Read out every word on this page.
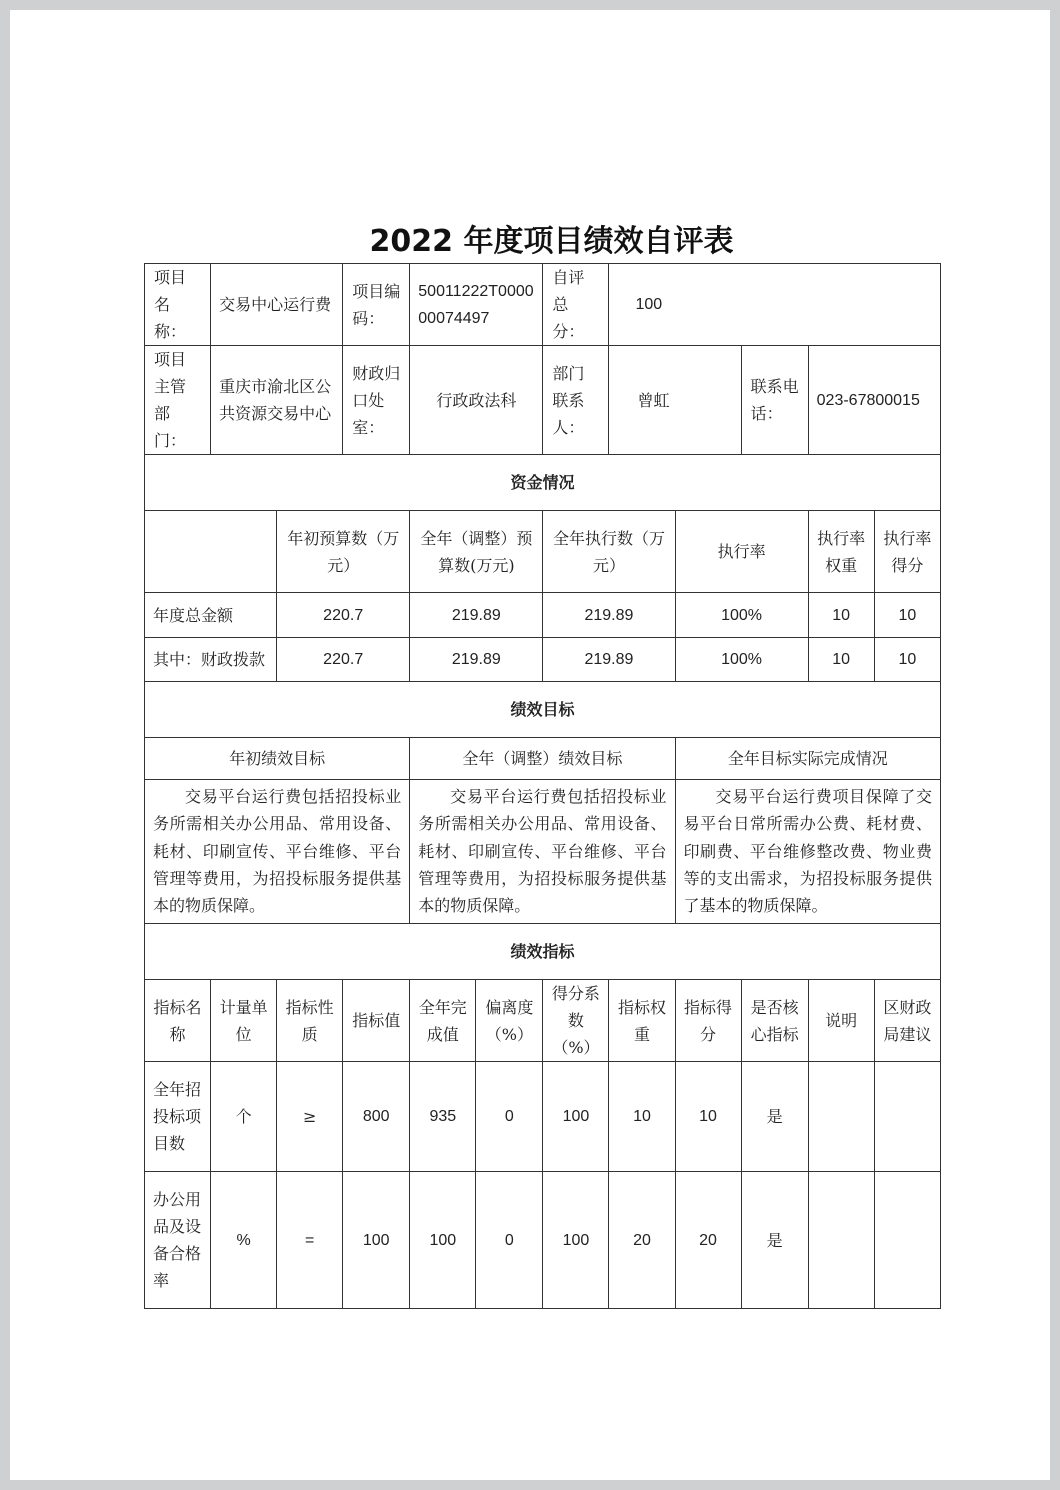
2022 年度项目绩效自评表
项目名称：	交易中心运行费		项目编码：	50011222T000000074497		自评总分：	100				
项目主管部门：	重庆市渝北区公共资源交易中心		财政归口处室：	行政政法科		部门联系人：	曾虹		联系电话：	023-67800015	
资金情况											
		年初预算数（万元）		全年（调整）预算数(万元)		全年执行数（万元）		执行率		执行率权重	执行率得分
年度总金额		220.7		219.89		219.89		100%		10	10
其中：财政拨款		220.7		219.89		219.89		100%		10	10
绩效目标											
年初绩效目标				全年（调整）绩效目标				全年目标实际完成情况			
交易平台运行费包括招投标业务所需相关办公用品、常用设备、耗材、印刷宣传、平台维修、平台管理等费用，为招投标服务提供基本的物质保障。				交易平台运行费包括招投标业务所需相关办公用品、常用设备、耗材、印刷宣传、平台维修、平台管理等费用，为招投标服务提供基本的物质保障。				交易平台运行费项目保障了交易平台日常所需办公费、耗材费、印刷费、平台维修整改费、物业费等的支出需求，为招投标服务提供了基本的物质保障。			
绩效指标											
指标名称	计量单位	指标性质	指标值	全年完成值	偏离度（%）	得分系数（%）	指标权重	指标得分	是否核心指标	说明	区财政局建议
全年招投标项目数	个	≥	800	935	0	100	10	10	是		
办公用品及设备合格率	%	=	100	100	0	100	20	20	是		
